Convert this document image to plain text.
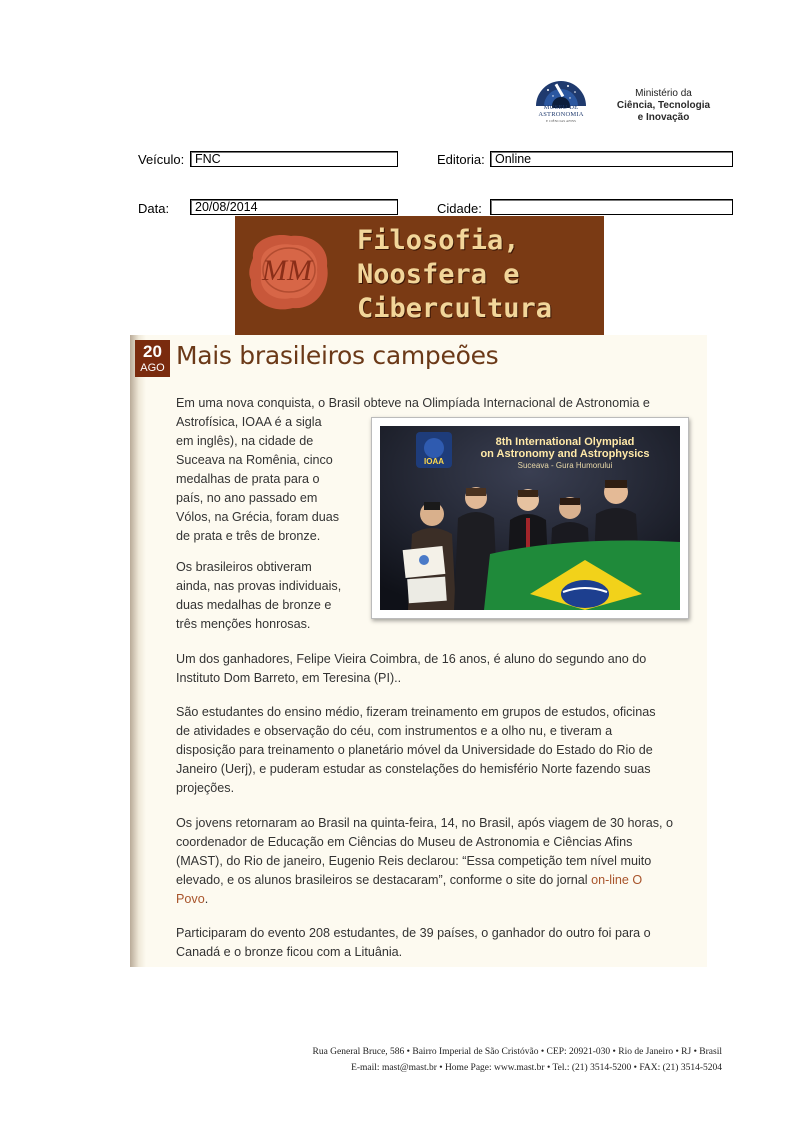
MUSEU DE
ASTRONOMIA
E CIÊNCIAS AFINS
Ministério da
Ciência, Tecnologia
e Inovação
Veículo: FNC	Editoria: Online
Data:	20/08/2014	Cidade:
MM
Filosofia,
Noosfera e
Cibercultura
20
AGO Mais brasileiros campeões
Em uma nova conquista, o Brasil obteve na Olimpíada Internacional de Astronomia e
Astrofísica, IOAA é a sigla
em inglês), na cidade de
Suceava na Romênia, cinco
medalhas de prata para o
país, no ano passado em
Vólos, na Grécia, foram duas
de prata e três de bronze.
Os brasileiros obtiveram
ainda, nas provas individuais,
duas medalhas de bronze e
três menções honrosas.
IOAA
8th International Olympiad
on Astronomy and Astrophysics
Suceava - Gura Humorului
Um dos ganhadores, Felipe Vieira Coimbra, de 16 anos, é aluno do segundo ano do
Instituto Dom Barreto, em Teresina (PI)..
São estudantes do ensino médio, fizeram treinamento em grupos de estudos, oficinas
de atividades e observação do céu, com instrumentos e a olho nu, e tiveram a
disposição para treinamento o planetário móvel da Universidade do Estado do Rio de
Janeiro (Uerj), e puderam estudar as constelações do hemisfério Norte fazendo suas
projeções.
Os jovens retornaram ao Brasil na quinta-feira, 14, no Brasil, após viagem de 30 horas, o
coordenador de Educação em Ciências do Museu de Astronomia e Ciências Afins
(MAST), do Rio de janeiro, Eugenio Reis declarou: “Essa competição tem nível muito
elevado, e os alunos brasileiros se destacaram”, conforme o site do jornal on-line O
Povo.
Participaram do evento 208 estudantes, de 39 países, o ganhador do outro foi para o
Canadá e o bronze ficou com a Lituânia.
Rua General Bruce, 586 • Bairro Imperial de São Cristóvão • CEP: 20921-030 • Rio de Janeiro • RJ • Brasil
E-mail: mast@mast.br • Home Page: www.mast.br • Tel.: (21) 3514-5200 • FAX: (21) 3514-5204
